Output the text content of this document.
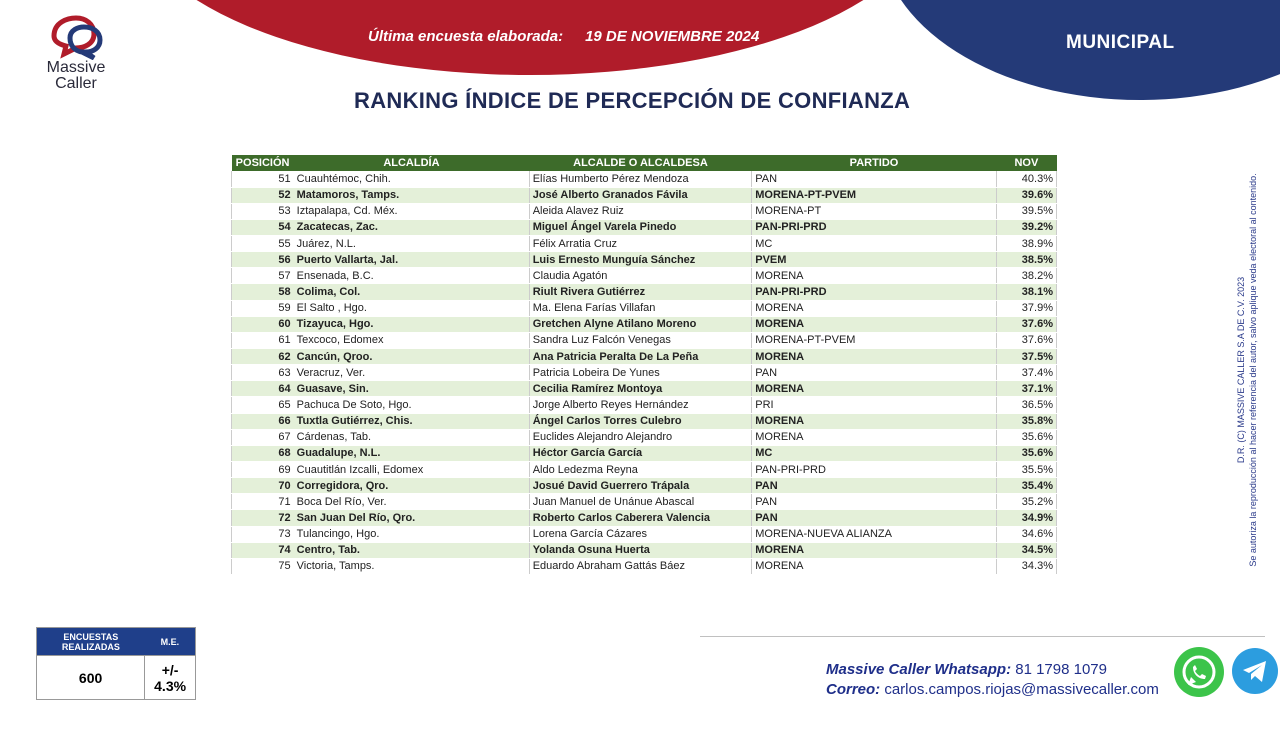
Massive
Caller
Última encuesta elaborada: 19 DE NOVIEMBRE 2024	MUNICIPAL
RANKING ÍNDICE DE PERCEPCIÓN DE CONFIANZA
POSICIÓN	ALCALDÍA	ALCALDE O ALCALDESA	PARTIDO	NOV
51	Cuauhtémoc, Chih.	Elías Humberto Pérez Mendoza	PAN	40.3%
52	Matamoros, Tamps.	José Alberto Granados Fávila	MORENA-PT-PVEM	39.6%
53	Iztapalapa, Cd. Méx.	Aleida Alavez Ruiz	MORENA-PT	39.5%
54	Zacatecas, Zac.	Miguel Ángel Varela Pinedo	PAN-PRI-PRD	39.2%
55	Juárez, N.L.	Félix Arratia Cruz	MC	38.9%
56	Puerto Vallarta, Jal.	Luis Ernesto Munguía Sánchez	PVEM	38.5%
57	Ensenada, B.C.	Claudia Agatón	MORENA	38.2%
58	Colima, Col.	Riult Rivera Gutiérrez	PAN-PRI-PRD	38.1%
59	El Salto , Hgo.	Ma. Elena Farías Villafan	MORENA	37.9%
60	Tizayuca, Hgo.	Gretchen Alyne Atilano Moreno	MORENA	37.6%
61	Texcoco, Edomex	Sandra Luz Falcón Venegas	MORENA-PT-PVEM	37.6%
62	Cancún, Qroo.	Ana Patricia Peralta De La Peña	MORENA	37.5%
63	Veracruz, Ver.	Patricia Lobeira De Yunes	PAN	37.4%
64	Guasave, Sin.	Cecilia Ramírez Montoya	MORENA	37.1%
65	Pachuca De Soto, Hgo.	Jorge Alberto Reyes Hernández	PRI	36.5%
66	Tuxtla Gutiérrez, Chis.	Ángel Carlos Torres Culebro	MORENA	35.8%
67	Cárdenas, Tab.	Euclides Alejandro Alejandro	MORENA	35.6%
68	Guadalupe, N.L.	Héctor García García	MC	35.6%
69	Cuautitlán Izcalli, Edomex	Aldo Ledezma Reyna	PAN-PRI-PRD	35.5%
70	Corregidora, Qro.	Josué David Guerrero Trápala	PAN	35.4%
71	Boca Del Río, Ver.	Juan Manuel de Unánue Abascal	PAN	35.2%
72	San Juan Del Río, Qro.	Roberto Carlos Caberera Valencia	PAN	34.9%
73	Tulancingo, Hgo.	Lorena García Cázares	MORENA-NUEVA ALIANZA	34.6%
74	Centro, Tab.	Yolanda Osuna Huerta	MORENA	34.5%
75	Victoria, Tamps.	Eduardo Abraham Gattás Báez	MORENA	34.3%
D.R. (C) MASSIVE CALLER S.A DE C.V. 2023 Se autoriza la reproducción al hacer referencia del autor, salvo aplique veda electoral al contenido.
ENCUESTAS REALIZADAS	M.E.
600	+/- 4.3%
Massive Caller Whatsapp: 81 1798 1079
Correo: carlos.campos.riojas@massivecaller.com
